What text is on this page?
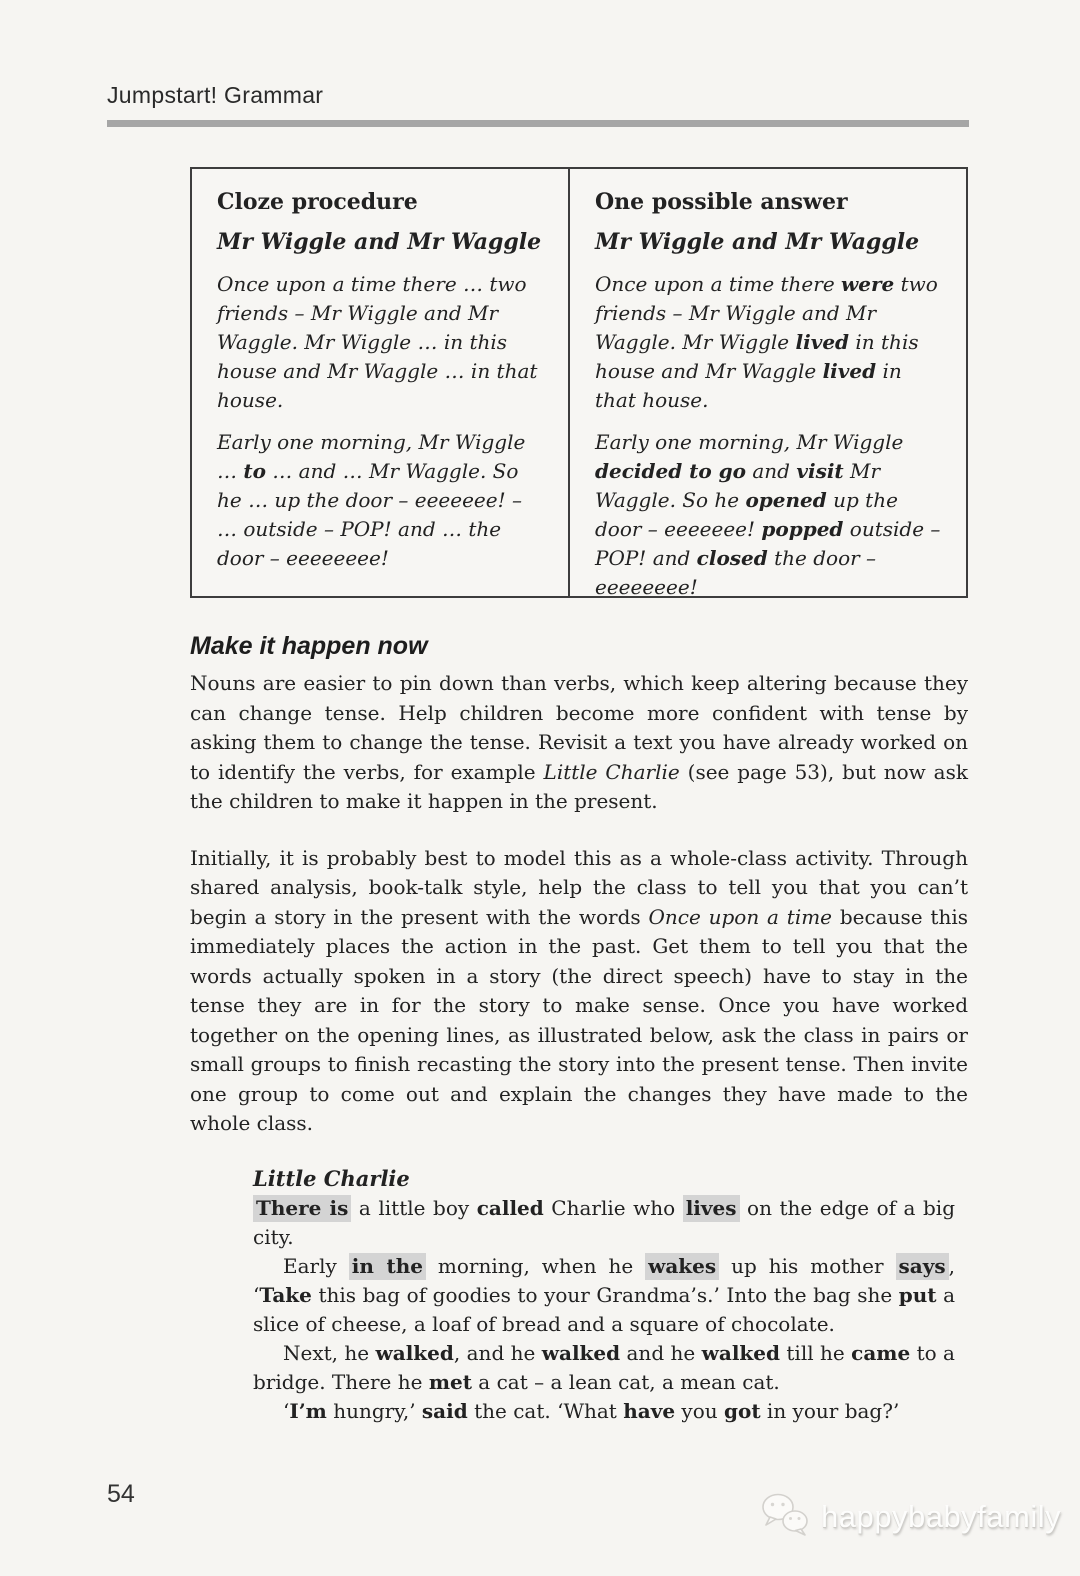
Jumpstart! Grammar

Cloze procedure

Mr Wiggle and Mr Waggle

Once upon a time there … two friends – Mr Wiggle and Mr Waggle. Mr Wiggle … in this house and Mr Waggle … in that house.

Early one morning, Mr Wiggle … to … and … Mr Waggle. So he … up the door – eeeeeee! – … outside – POP! and … the door – eeeeeeee!

One possible answer

Mr Wiggle and Mr Waggle

Once upon a time there were two friends – Mr Wiggle and Mr Waggle. Mr Wiggle lived in this house and Mr Waggle lived in that house.

Early one morning, Mr Wiggle decided to go and visit Mr Waggle. So he opened up the door – eeeeeee! popped outside – POP! and closed the door – eeeeeeee!

Make it happen now

Nouns are easier to pin down than verbs, which keep altering because they can change tense. Help children become more confident with tense by asking them to change the tense. Revisit a text you have already worked on to identify the verbs, for example Little Charlie (see page 53), but now ask the children to make it happen in the present.

Initially, it is probably best to model this as a whole-class activity. Through shared analysis, book-talk style, help the class to tell you that you can’t begin a story in the present with the words Once upon a time because this immediately places the action in the past. Get them to tell you that the words actually spoken in a story (the direct speech) have to stay in the tense they are in for the story to make sense. Once you have worked together on the opening lines, as illustrated below, ask the class in pairs or small groups to finish recasting the story into the present tense. Then invite one group to come out and explain the changes they have made to the whole class.

Little Charlie

There is a little boy called Charlie who lives on the edge of a big city.

Early in the morning, when he wakes up his mother says , ‘Take this bag of goodies to your Grandma’s.’ Into the bag she put a slice of cheese, a loaf of bread and a square of chocolate.

Next, he walked, and he walked and he walked till he came to a bridge. There he met a cat – a lean cat, a mean cat.

‘I’m hungry,’ said the cat. ‘What have you got in your bag?’

54
happybabyfamily
